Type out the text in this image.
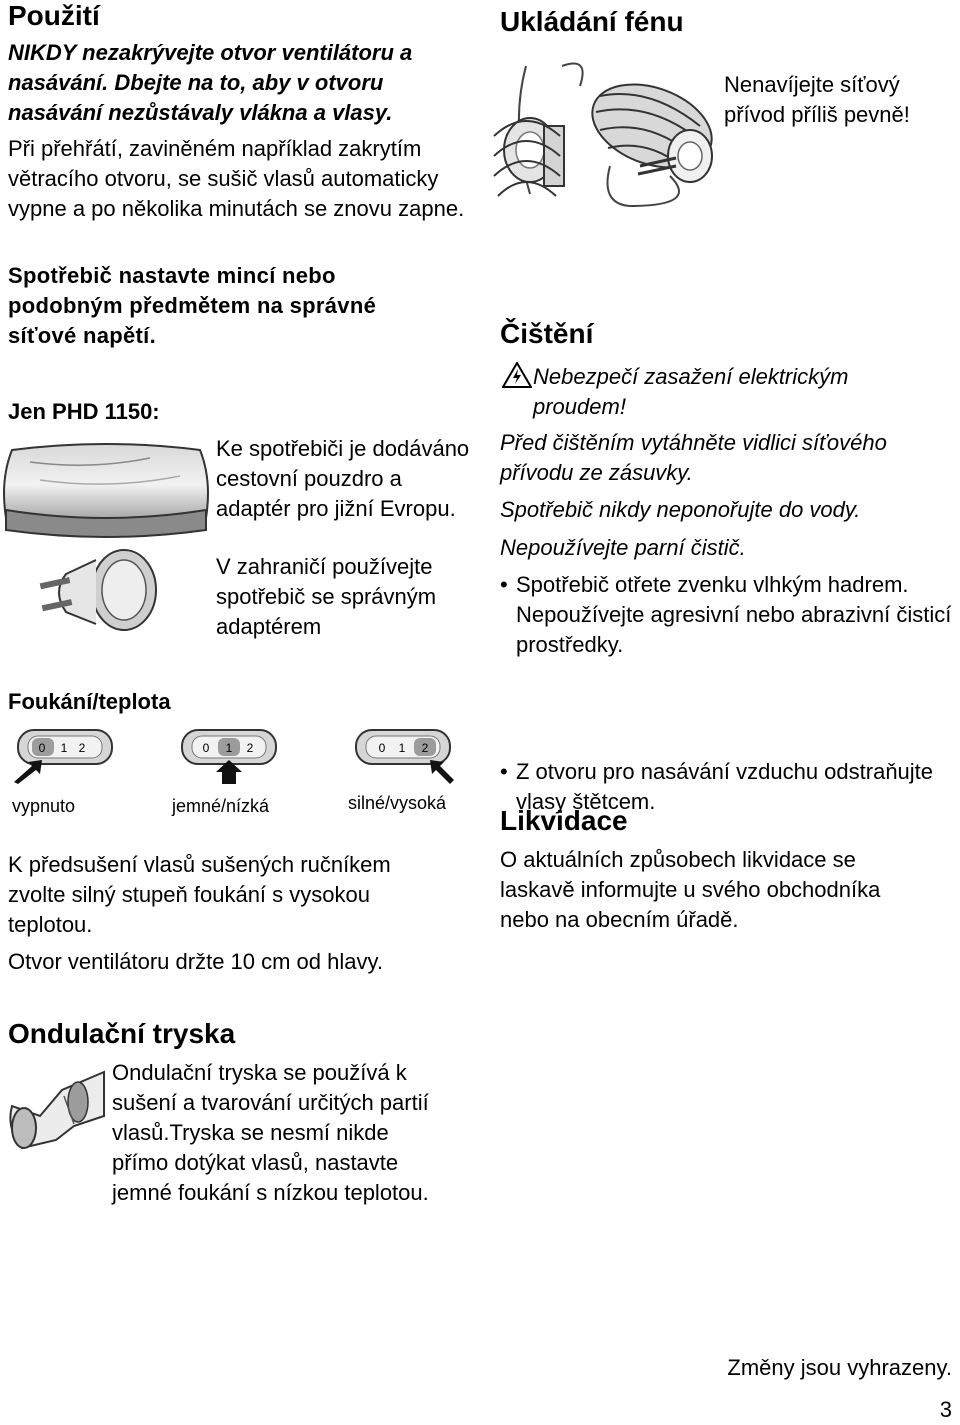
Použití

NIKDY nezakrývejte otvor ventilátoru a nasávání. Dbejte na to, aby v otvoru nasávání nezůstávaly vlákna a vlasy.

Při přehřátí, zaviněném například zakrytím větracího otvoru, se sušič vlasů automaticky vypne a po několika minutách se znovu zapne.

Spotřebič nastavte mincí nebo podobným předmětem na správné síťové napětí.

Jen PHD 1150:

Ke spotřebiči je dodáváno cestovní pouzdro a adaptér pro jižní Evropu.

V zahraničí používejte spotřebič se správným adaptérem

Foukání/teplota
0 1 2	0 1 2	0 1 2
vypnuto	jemné/nízká	silné/vysoká

K předsušení vlasů sušených ručníkem zvolte silný stupeň foukání s vysokou teplotou.

Otvor ventilátoru držte 10 cm od hlavy.

Ondulační tryska

Ondulační tryska se používá k sušení a tvarování určitých partií vlasů.Tryska se nesmí nikde přímo dotýkat vlasů, nastavte jemné foukání s nízkou teplotou.

Ukládání fénu

Nenavíjejte síťový přívod příliš pevně!

Čištění

Nebezpečí zasažení elektrickým proudem!

Před čištěním vytáhněte vidlici síťového přívodu ze zásuvky.

Spotřebič nikdy neponořujte do vody.

Nepoužívejte parní čistič.

• Spotřebič otřete zvenku vlhkým hadrem. Nepoužívejte agresivní nebo abrazivní čisticí prostředky.

• Z otvoru pro nasávání vzduchu odstraňujte vlasy štětcem.

Likvidace

O aktuálních způsobech likvidace se laskavě informujte u svého obchodníka nebo na obecním úřadě.

Změny jsou vyhrazeny.
3
